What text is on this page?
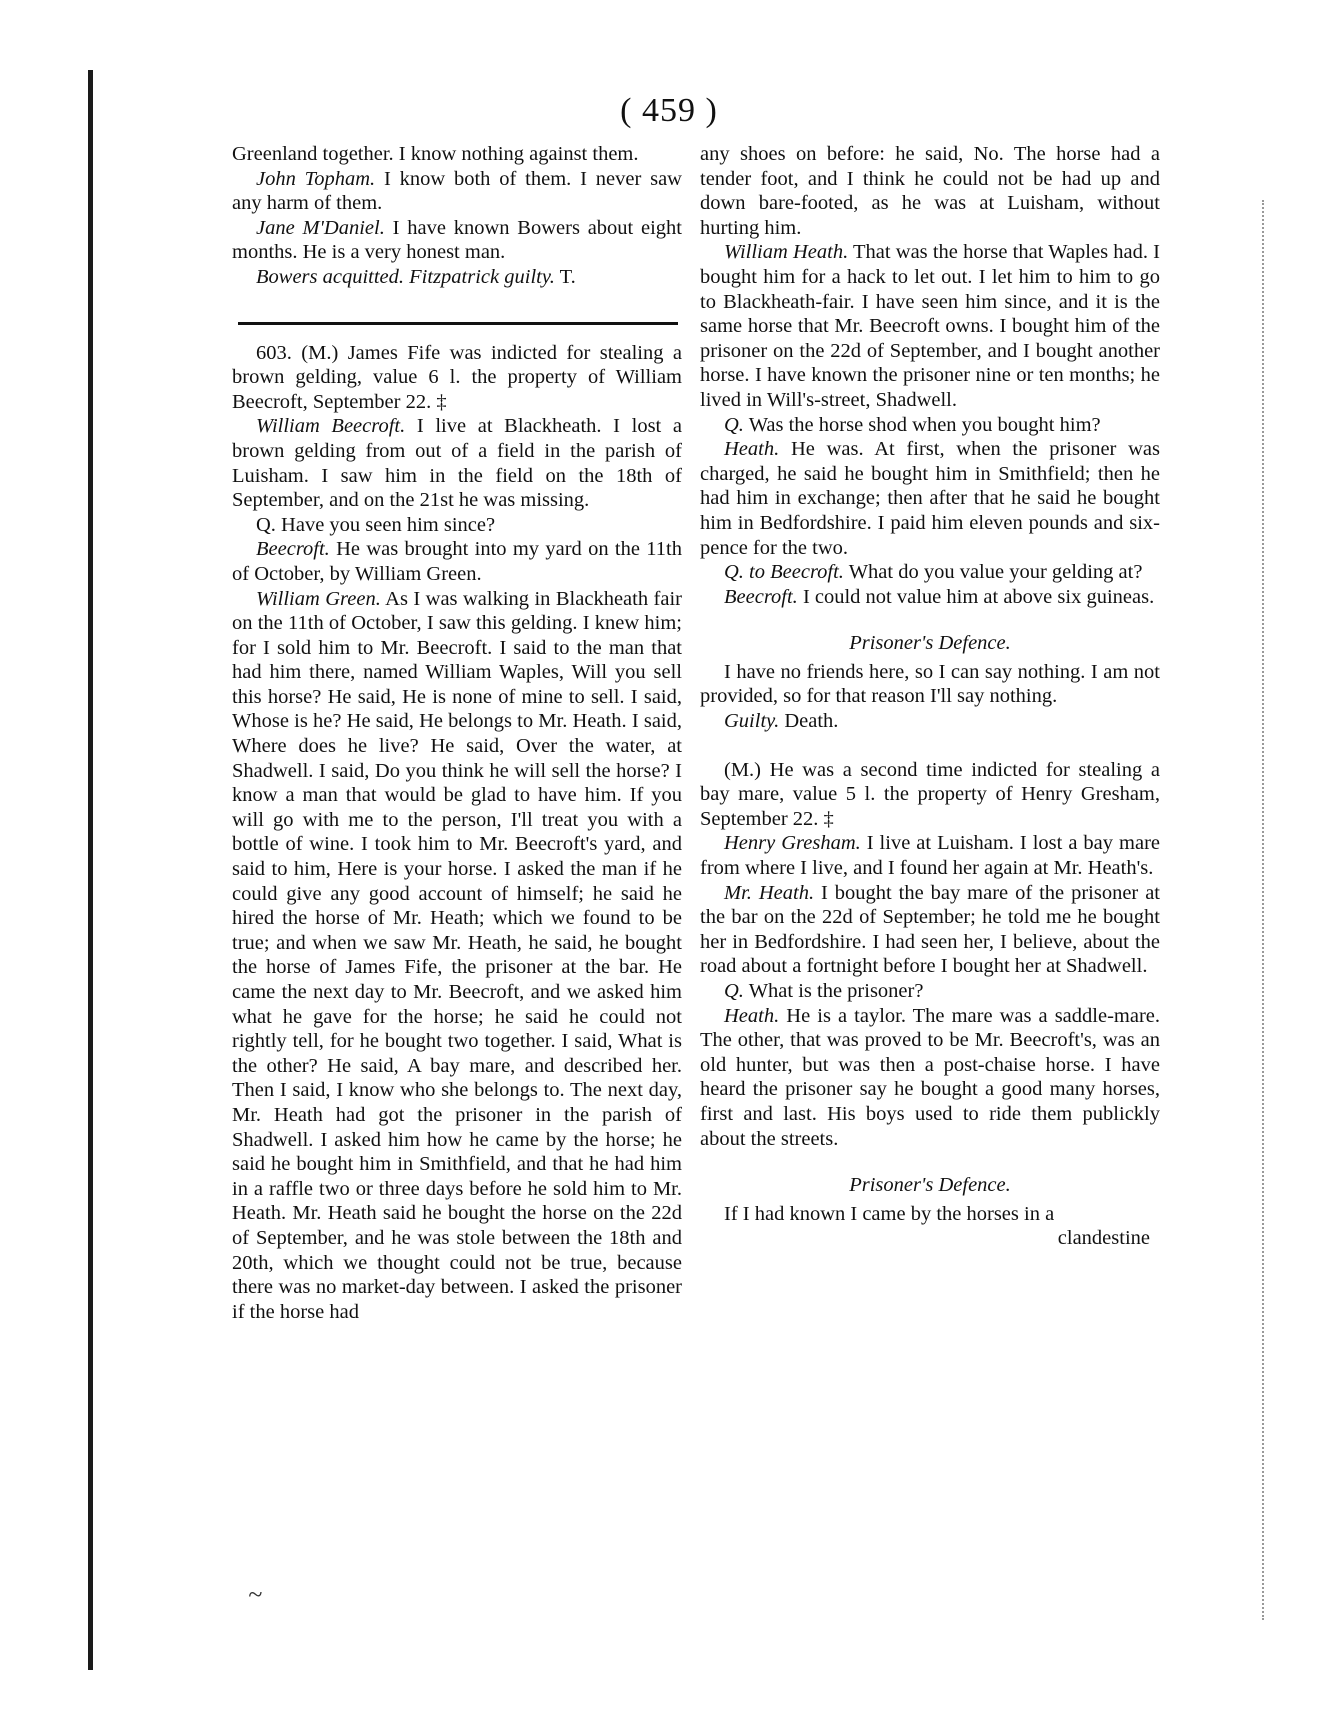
( 459 )

Greenland together. I know nothing against them.

John Topham. I know both of them. I never saw any harm of them.

Jane M'Daniel. I have known Bowers about eight months. He is a very honest man.

Bowers acquitted. Fitzpatrick guilty. T.

603. (M.) James Fife was indicted for stealing a brown gelding, value 6 l. the property of William Beecroft, September 22. ‡

William Beecroft. I live at Blackheath. I lost a brown gelding from out of a field in the parish of Luisham. I saw him in the field on the 18th of September, and on the 21st he was missing.

Q. Have you seen him since?

Beecroft. He was brought into my yard on the 11th of October, by William Green.

William Green. As I was walking in Blackheath fair on the 11th of October, I saw this gelding. I knew him; for I sold him to Mr. Beecroft. I said to the man that had him there, named William Waples, Will you sell this horse? He said, He is none of mine to sell. I said, Whose is he? He said, He belongs to Mr. Heath. I said, Where does he live? He said, Over the water, at Shadwell. I said, Do you think he will sell the horse? I know a man that would be glad to have him. If you will go with me to the person, I'll treat you with a bottle of wine. I took him to Mr. Beecroft's yard, and said to him, Here is your horse. I asked the man if he could give any good account of himself; he said he hired the horse of Mr. Heath; which we found to be true; and when we saw Mr. Heath, he said, he bought the horse of James Fife, the prisoner at the bar. He came the next day to Mr. Beecroft, and we asked him what he gave for the horse; he said he could not rightly tell, for he bought two together. I said, What is the other? He said, A bay mare, and described her. Then I said, I know who she belongs to. The next day, Mr. Heath had got the prisoner in the parish of Shadwell. I asked him how he came by the horse; he said he bought him in Smithfield, and that he had him in a raffle two or three days before he sold him to Mr. Heath. Mr. Heath said he bought the horse on the 22d of September, and he was stole between the 18th and 20th, which we thought could not be true, because there was no market-day between. I asked the prisoner if the horse had

any shoes on before: he said, No. The horse had a tender foot, and I think he could not be had up and down bare-footed, as he was at Luisham, without hurting him.

William Heath. That was the horse that Waples had. I bought him for a hack to let out. I let him to him to go to Blackheath-fair. I have seen him since, and it is the same horse that Mr. Beecroft owns. I bought him of the prisoner on the 22d of September, and I bought another horse. I have known the prisoner nine or ten months; he lived in Will's-street, Shadwell.

Q. Was the horse shod when you bought him?

Heath. He was. At first, when the prisoner was charged, he said he bought him in Smithfield; then he had him in exchange; then after that he said he bought him in Bedfordshire. I paid him eleven pounds and six-pence for the two.

Q. to Beecroft. What do you value your gelding at?

Beecroft. I could not value him at above six guineas.

Prisoner's Defence.

I have no friends here, so I can say nothing. I am not provided, so for that reason I'll say nothing.

Guilty. Death.

(M.) He was a second time indicted for stealing a bay mare, value 5 l. the property of Henry Gresham, September 22. ‡

Henry Gresham. I live at Luisham. I lost a bay mare from where I live, and I found her again at Mr. Heath's.

Mr. Heath. I bought the bay mare of the prisoner at the bar on the 22d of September; he told me he bought her in Bedfordshire. I had seen her, I believe, about the road about a fortnight before I bought her at Shadwell.

Q. What is the prisoner?

Heath. He is a taylor. The mare was a saddle-mare. The other, that was proved to be Mr. Beecroft's, was an old hunter, but was then a post-chaise horse. I have heard the prisoner say he bought a good many horses, first and last. His boys used to ride them publickly about the streets.

Prisoner's Defence.

If I had known I came by the horses in a

clandestine

~
